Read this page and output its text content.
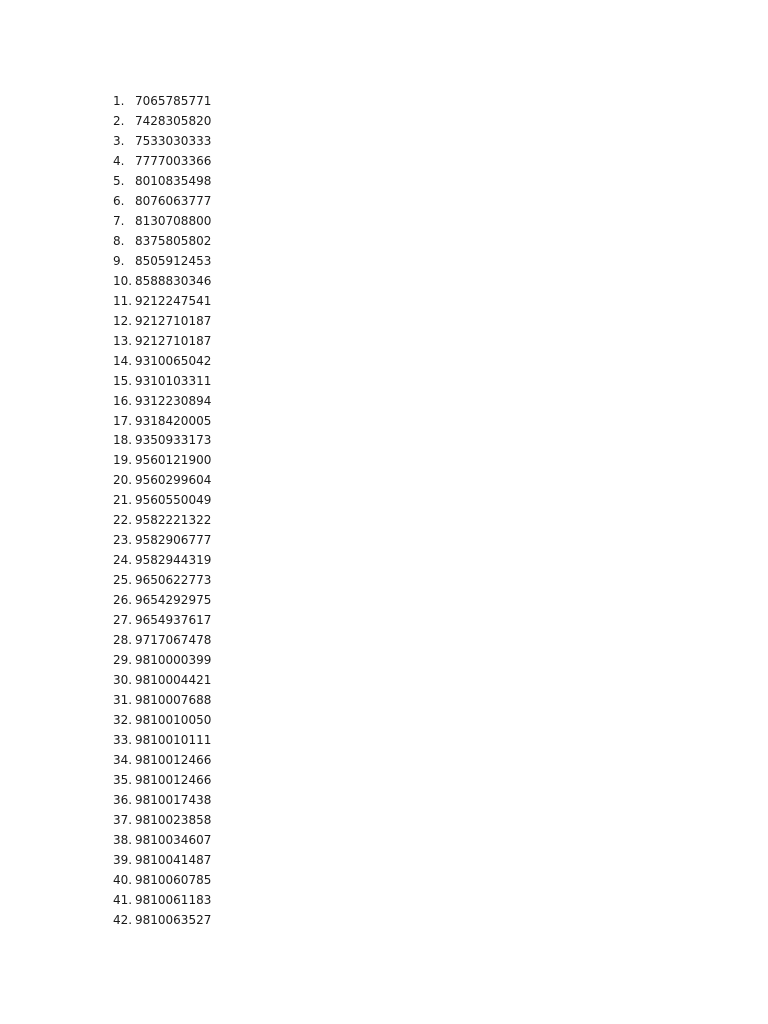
1. 7065785771
2. 7428305820
3. 7533030333
4. 7777003366
5. 8010835498
6. 8076063777
7. 8130708800
8. 8375805802
9. 8505912453
10. 8588830346
11. 9212247541
12. 9212710187
13. 9212710187
14. 9310065042
15. 9310103311
16. 9312230894
17. 9318420005
18. 9350933173
19. 9560121900
20. 9560299604
21. 9560550049
22. 9582221322
23. 9582906777
24. 9582944319
25. 9650622773
26. 9654292975
27. 9654937617
28. 9717067478
29. 9810000399
30. 9810004421
31. 9810007688
32. 9810010050
33. 9810010111
34. 9810012466
35. 9810012466
36. 9810017438
37. 9810023858
38. 9810034607
39. 9810041487
40. 9810060785
41. 9810061183
42. 9810063527
